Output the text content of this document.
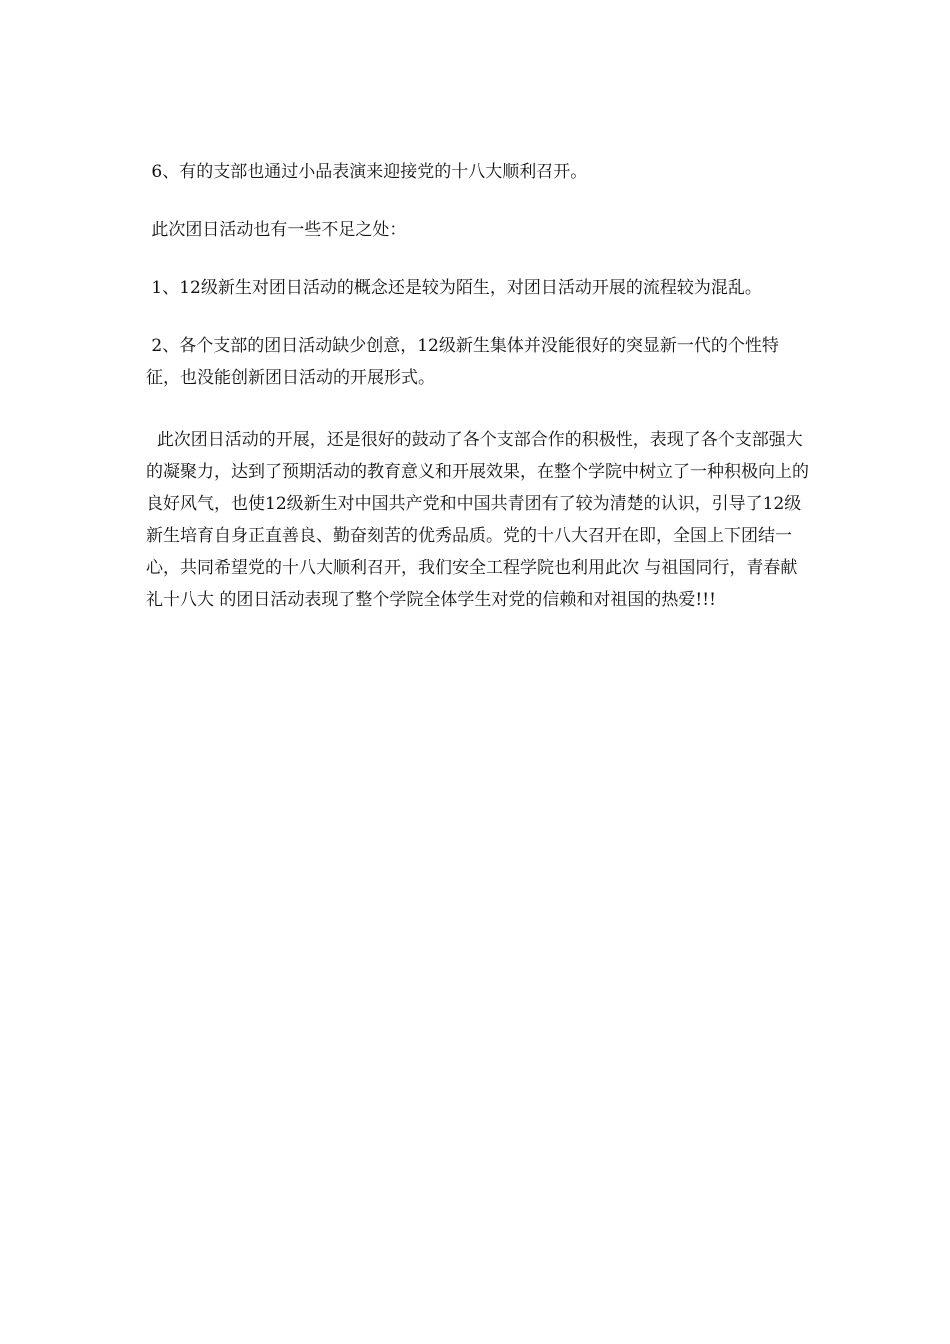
6、有的支部也通过小品表演来迎接党的十八大顺利召开。

此次团日活动也有一些不足之处：

1、12级新生对团日活动的概念还是较为陌生，对团日活动开展的流程较为混乱。

2、各个支部的团日活动缺少创意，12级新生集体并没能很好的突显新一代的个性特征，也没能创新团日活动的开展形式。

此次团日活动的开展，还是很好的鼓动了各个支部合作的积极性，表现了各个支部强大的凝聚力，达到了预期活动的教育意义和开展效果，在整个学院中树立了一种积极向上的良好风气，也使12级新生对中国共产党和中国共青团有了较为清楚的认识，引导了12级新生培育自身正直善良、勤奋刻苦的优秀品质。党的十八大召开在即，全国上下团结一心，共同希望党的十八大顺利召开，我们安全工程学院也利用此次 与祖国同行，青春献礼十八大 的团日活动表现了整个学院全体学生对党的信赖和对祖国的热爱!!!
